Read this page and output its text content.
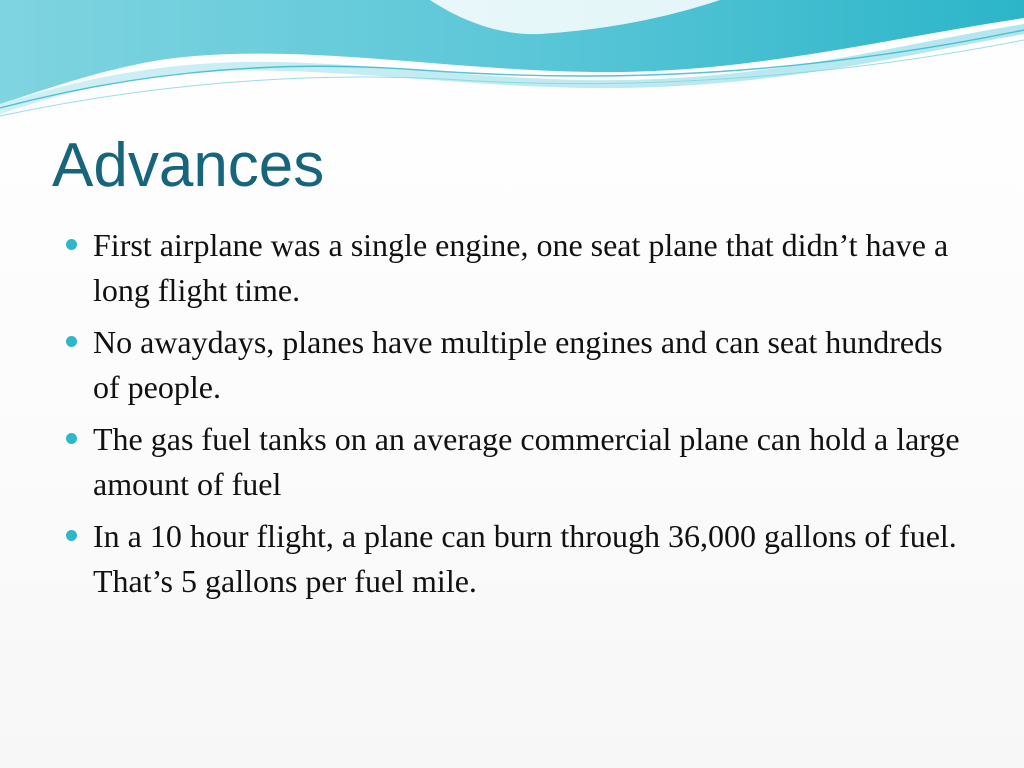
Advances
First airplane was a single engine, one seat plane that didn’t have a long flight time.
No awaydays, planes have multiple engines and can seat hundreds of people.
The gas fuel tanks on an average commercial plane can hold a large amount of fuel
In a 10 hour flight, a plane can burn through 36,000 gallons of fuel. That’s 5 gallons per fuel mile.
